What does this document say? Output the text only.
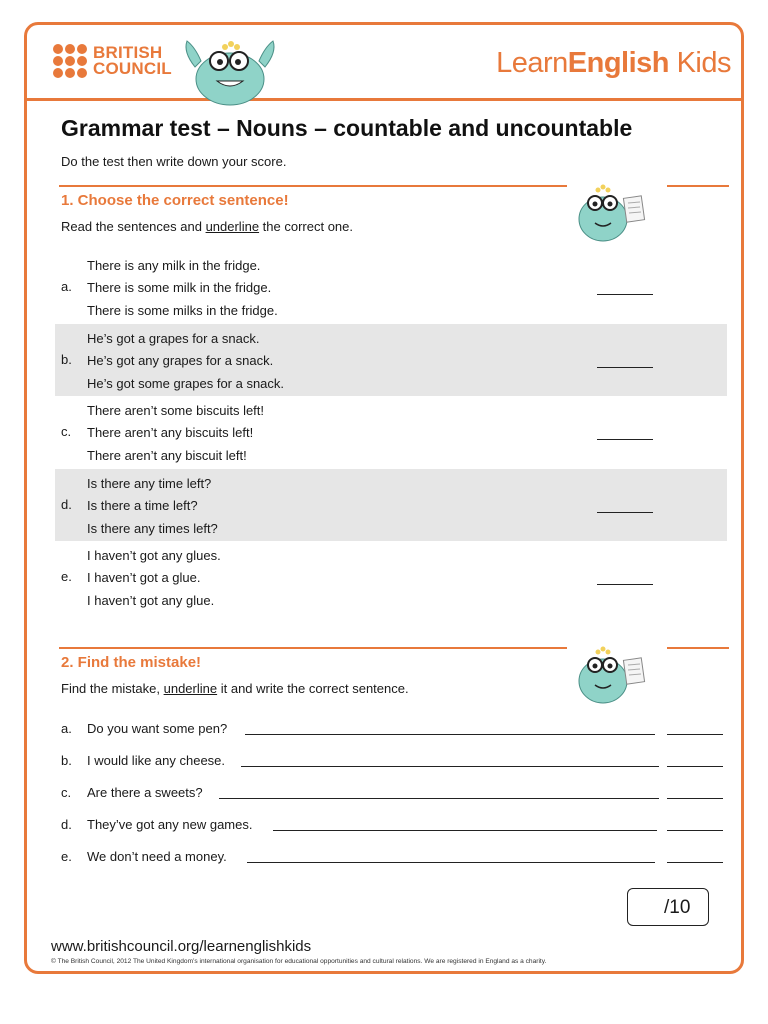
BRITISH
COUNCIL	LearnEnglish Kids
Grammar test – Nouns – countable and uncountable
Do the test then write down your score.
1. Choose the correct sentence!
Read the sentences and underline the correct one.
a.
There is any milk in the fridge.
There is some milk in the fridge.
There is some milks in the fridge.
b.
He’s got a grapes for a snack.
He’s got any grapes for a snack.
He’s got some grapes for a snack.
c.
There aren’t some biscuits left!
There aren’t any biscuits left!
There aren’t any biscuit left!
d.
Is there any time left?
Is there a time left?
Is there any times left?
e.
I haven’t got any glues.
I haven’t got a glue.
I haven’t got any glue.
2. Find the mistake!
Find the mistake, underline it and write the correct sentence.
a. Do you want some pen?
b. I would like any cheese.
c. Are there a sweets?
d. They’ve got any new games.
e. We don’t need a money.
/10
www.britishcouncil.org/learnenglishkids
© The British Council, 2012 The United Kingdom’s international organisation for educational opportunities and cultural relations. We are registered in England as a charity.
